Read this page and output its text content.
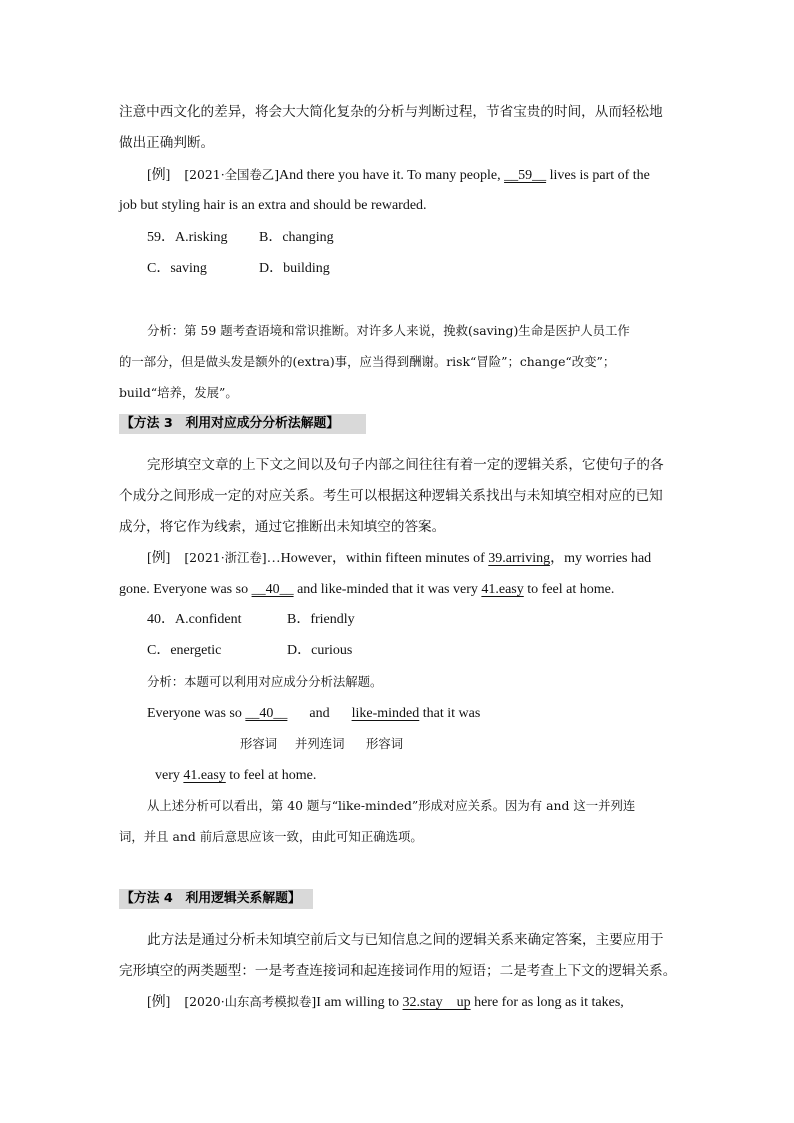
注意中西文化的差异，将会大大简化复杂的分析与判断过程，节省宝贵的时间，从而轻松地
做出正确判断。
[例] [2021·全国卷乙]And there you have it. To many people, __59__ lives is part of the
job but styling hair is an extra and should be rewarded.
59．A.risking B．changing
C．saving	D．building
分析：第 59 题考查语境和常识推断。对许多人来说，挽救(saving)生命是医护人员工作
的一部分，但是做头发是额外的(extra)事，应当得到酬谢。risk“冒险”；change“改变”；
build“培养，发展”。
【方法 3　利用对应成分分析法解题】
完形填空文章的上下文之间以及句子内部之间往往有着一定的逻辑关系，它使句子的各
个成分之间形成一定的对应关系。考生可以根据这种逻辑关系找出与未知填空相对应的已知
成分，将它作为线索，通过它推断出未知填空的答案。
[例] [2021·浙江卷]…However，within fifteen minutes of 39.arriving，my worries had
gone. Everyone was so __40__ and like-minded that it was very 41.easy to feel at home.
40．A.confident	B．friendly
C．energetic	D．curious
分析：本题可以利用对应成分分析法解题。
Everyone was so __40__ and like-minded that it was
形容词 并列连词 形容词
very 41.easy to feel at home.
从上述分析可以看出，第 40 题与“like-minded”形成对应关系。因为有 and 这一并列连
词，并且 and 前后意思应该一致，由此可知正确选项。
【方法 4　利用逻辑关系解题】
此方法是通过分析未知填空前后文与已知信息之间的逻辑关系来确定答案，主要应用于
完形填空的两类题型：一是考查连接词和起连接词作用的短语；二是考查上下文的逻辑关系。
[例] [2020·山东高考模拟卷]I am willing to 32.stay　up here for as long as it takes,
